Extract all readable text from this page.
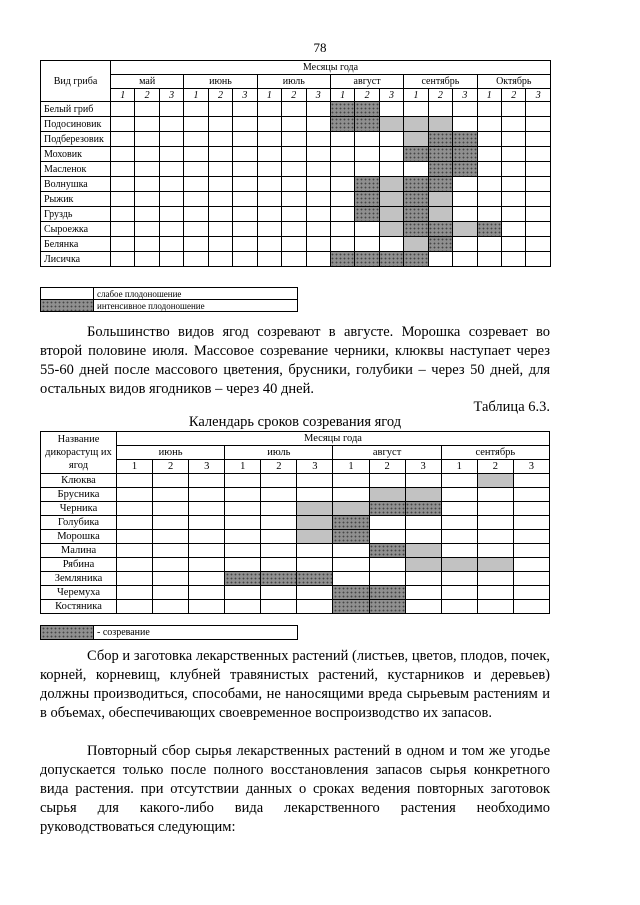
78
Вид гриба	Месяцы года																	
	май			июнь			июль			август			сентябрь			Октябрь		
	1	2	3	1	2	3	1	2	3	1	2	3	1	2	3	1	2	3
Белый гриб																		
Подосиновик																		
Подберезовик																		
Моховик																		
Масленок																		
Волнушка																		
Рыжик																		
Груздь																		
Сыроежка																		
Белянка																		
Лисичка																		
	слабое плодоношение
	интенсивное плодоношение
Большинство видов ягод созревают в августе. Морошка созревает во второй половине июля. Массовое созревание черники, клюквы наступает через 55-60 дней после массового цветения, брусники, голубики – через 50 дней, для остальных видов ягодников – через 40 дней.
Таблица 6.3.
Календарь сроков созревания ягод
Название дикорастущ их ягод	Месяцы года											
	июнь			июль			август			сентябрь		
	1	2	3	1	2	3	1	2	3	1	2	3
Клюква												
Брусника												
Черника												
Голубика												
Морошка												
Малина												
Рябина												
Земляника												
Черемуха												
Костяника												
	- созревание
Сбор и заготовка лекарственных растений (листьев, цветов, плодов, почек, корней, корневищ, клубней травянистых растений, кустарников и деревьев) должны производиться, способами, не наносящими вреда сырьевым растениям и в объемах, обеспечивающих своевременное воспроизводство их запасов.
Повторный сбор сырья лекарственных растений в одном и том же угодье допускается только после полного восстановления запасов сырья конкретного вида растения. при отсутствии данных о сроках ведения повторных заготовок сырья для какого-либо вида лекарственного растения необходимо руководствоваться следующим:
